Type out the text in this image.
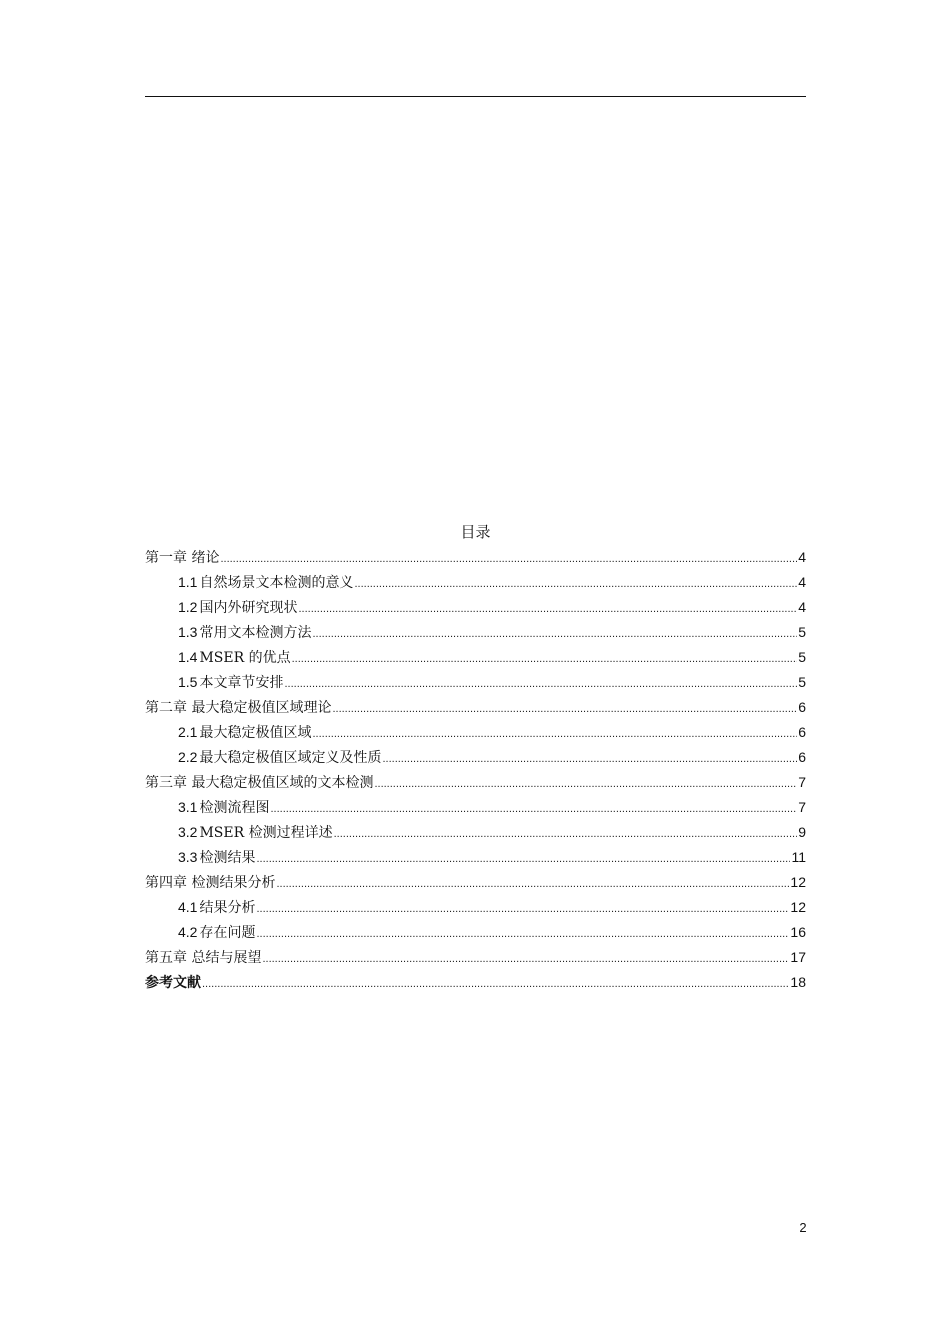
目录
第一章 绪论 .....	4
1.1 自然场景文本检测的意义 .....	4
1.2 国内外研究现状 .....	4
1.3 常用文本检测方法 .....	5
1.4 MSER 的优点 .....	5
1.5 本文章节安排 .....	5
第二章 最大稳定极值区域理论 .....	6
2.1 最大稳定极值区域 .....	6
2.2 最大稳定极值区域定义及性质 .....	6
第三章 最大稳定极值区域的文本检测 .....	7
3.1 检测流程图 .....	7
3.2 MSER 检测过程详述 .....	9
3.3 检测结果 .....	11
第四章 检测结果分析 .....	12
4.1 结果分析 .....	12
4.2 存在问题 .....	16
第五章 总结与展望 .....	17
参考文献 .....	18
2
